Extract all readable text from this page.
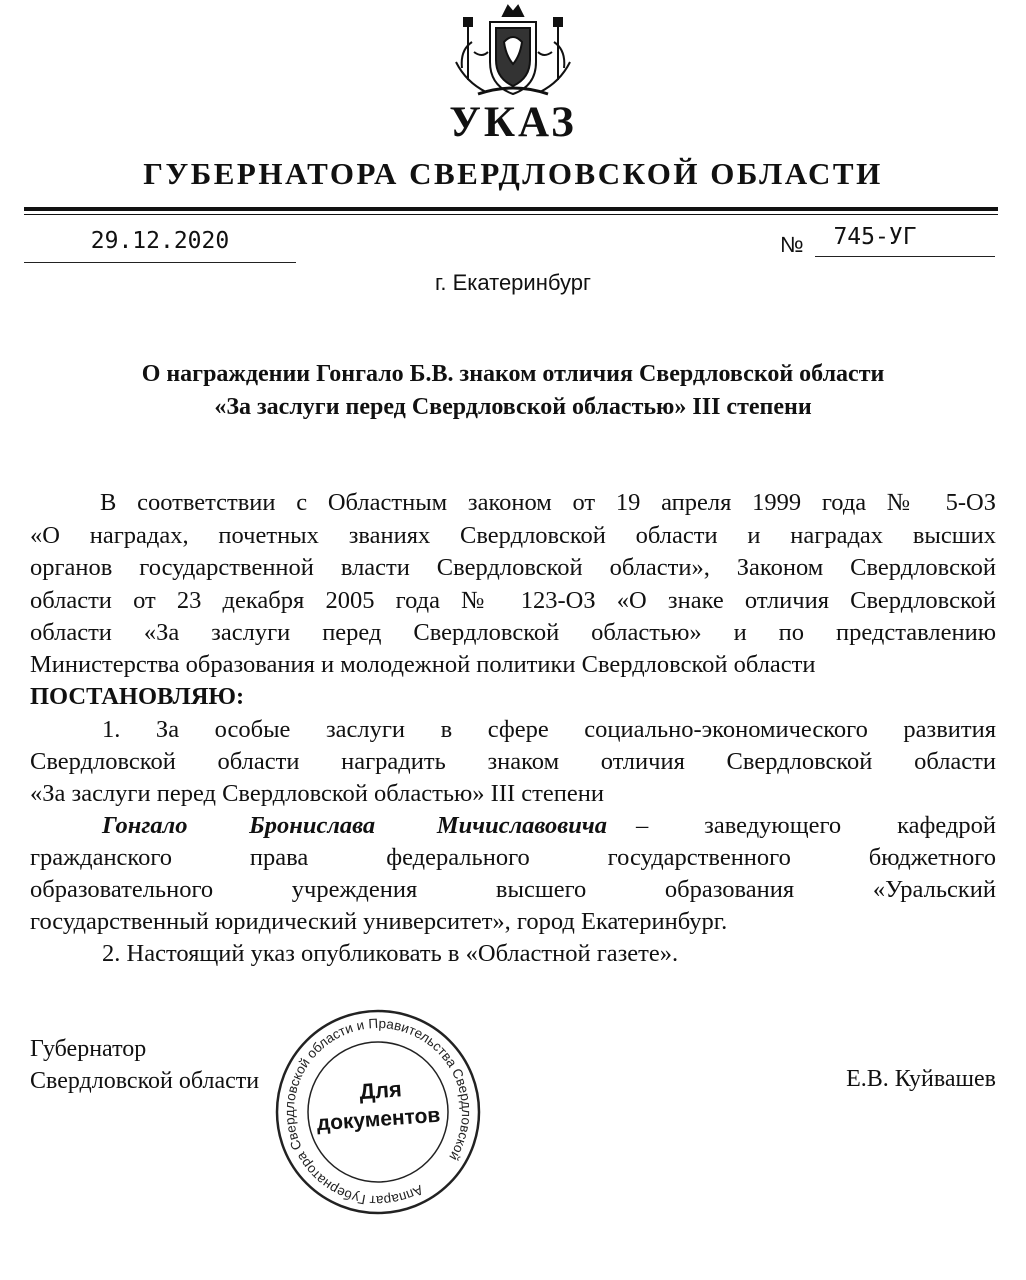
УКАЗ
ГУБЕРНАТОРА СВЕРДЛОВСКОЙ ОБЛАСТИ
29.12.2020	№	745-УГ
г. Екатеринбург
О награждении Гонгало Б.В. знаком отличия Свердловской области
«За заслуги перед Свердловской областью» III степени
В соответствии с Областным законом от 19 апреля 1999 года № 5-ОЗ
«О наградах, почетных званиях Свердловской области и наградах высших
органов государственной власти Свердловской области», Законом Свердловской
области от 23 декабря 2005 года № 123-ОЗ «О знаке отличия Свердловской
области «За заслуги перед Свердловской областью» и по представлению
Министерства образования и молодежной политики Свердловской области
ПОСТАНОВЛЯЮ:
1. За особые заслуги в сфере социально-экономического развития
Свердловской области наградить знаком отличия Свердловской области
«За заслуги перед Свердловской областью» III степени
Гонгало Бронислава Мичиславовича – заведующего кафедрой
гражданского права федерального государственного бюджетного
образовательного учреждения высшего образования «Уральский
государственный юридический университет», город Екатеринбург.
2. Настоящий указ опубликовать в «Областной газете».
Губернатор
Свердловской области	Е.В. Куйвашев
Аппарат Губернатора Свердловской области и Правительства Свердловской
Для
документов
